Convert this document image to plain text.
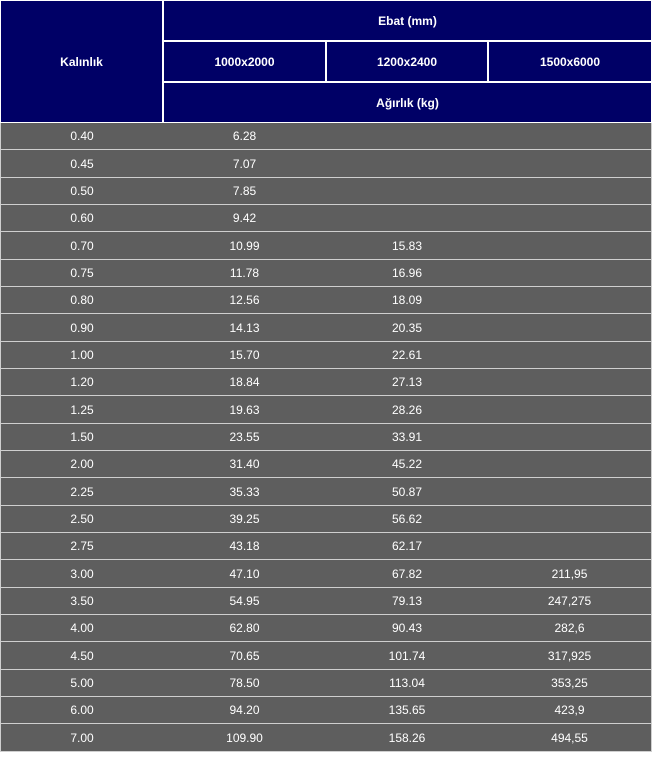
Kalınlık	Ebat (mm)		
	1000x2000	1200x2400	1500x6000
	Ağırlık (kg)		
0.40	6.28		
0.45	7.07		
0.50	7.85		
0.60	9.42		
0.70	10.99	15.83	
0.75	11.78	16.96	
0.80	12.56	18.09	
0.90	14.13	20.35	
1.00	15.70	22.61	
1.20	18.84	27.13	
1.25	19.63	28.26	
1.50	23.55	33.91	
2.00	31.40	45.22	
2.25	35.33	50.87	
2.50	39.25	56.62	
2.75	43.18	62.17	
3.00	47.10	67.82	211,95
3.50	54.95	79.13	247,275
4.00	62.80	90.43	282,6
4.50	70.65	101.74	317,925
5.00	78.50	113.04	353,25
6.00	94.20	135.65	423,9
7.00	109.90	158.26	494,55
